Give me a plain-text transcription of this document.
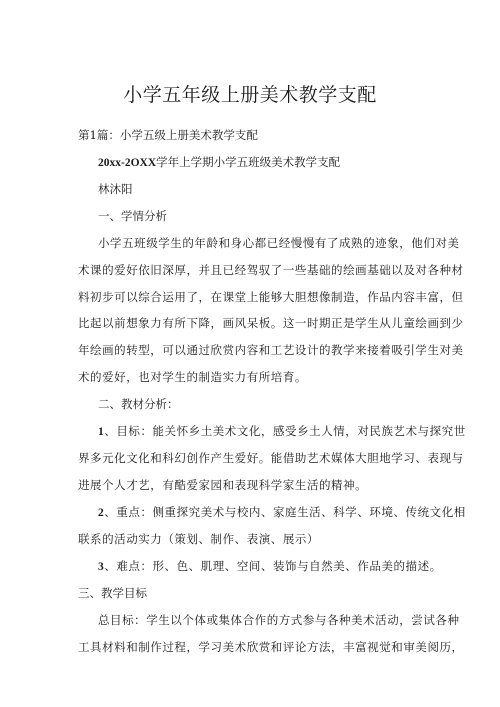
小学五年级上册美术教学支配

第1篇：小学五级上册美术教学支配

20xx-2OXX学年上学期小学五班级美术教学支配

林沐阳

一、学情分析

小学五班级学生的年龄和身心都已经慢慢有了成熟的迹象，他们对美

术课的爱好依旧深厚，并且已经驾驭了一些基础的绘画基础以及对各种材

料初步可以综合运用了，在课堂上能够大胆想像制造，作品内容丰富，但

比起以前想象力有所下降，画风呆板。这一时期正是学生从儿童绘画到少

年绘画的转型，可以通过欣赏内容和工艺设计的教学来接着吸引学生对美

术的爱好，也对学生的制造实力有所培育。

二、教材分析：

1、目标：能关怀乡土美术文化，感受乡土人情，对民族艺术与探究世

界多元化文化和科幻创作产生爱好。能借助艺术媒体大胆地学习、表现与

进展个人才艺，有酷爱家园和表现科学家生活的精神。

2、重点：侧重探究美术与校内、家庭生活、科学、环境、传统文化相

联系的活动实力（策划、制作、表演、展示）

3、难点：形、色、肌理、空间、装饰与自然美、作品美的描述。

三、教学目标

总目标：学生以个体或集体合作的方式参与各种美术活动，尝试各种

工具材料和制作过程，学习美术欣赏和评论方法，丰富视觉和审美阅历，
